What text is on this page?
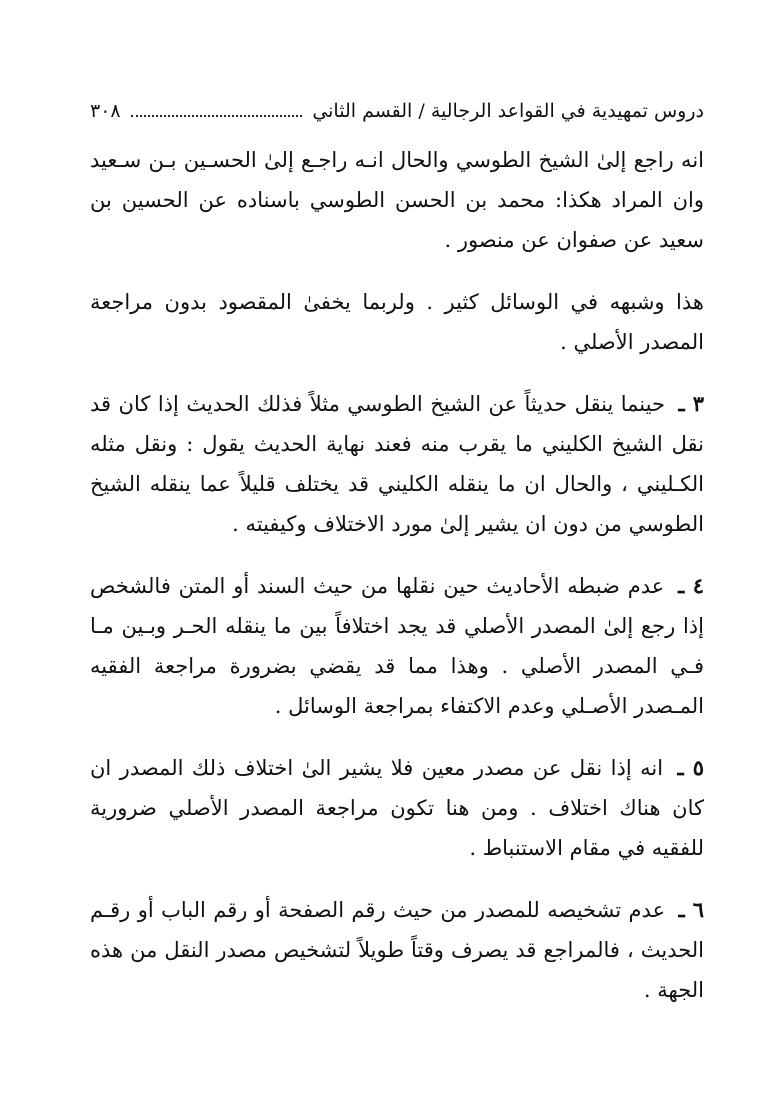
دروس تمهيدية في القواعد الرجالية / القسم الثاني
٣٠٨

انه راجع إلىٰ الشيخ الطوسي والحال انـه راجـع إلىٰ الحسـين بـن سـعيد وان المراد هكذا: محمد بن الحسن الطوسي باسناده عن الحسين بن سعيد عن صفوان عن منصور .

هذا وشبهه في الوسائل كثير . ولربما يخفىٰ المقصود بدون مراجعة المصدر الأصلي .

٣ ـ حينما ينقل حديثاً عن الشيخ الطوسي مثلاً فذلك الحديث إذا كان قد نقل الشيخ الكليني ما يقرب منه فعند نهاية الحديث يقول : ونقل مثله الكـليني ، والحال ان ما ينقله الكليني قد يختلف قليلاً عما ينقله الشيخ الطوسي من دون ان يشير إلىٰ مورد الاختلاف وكيفيته .

٤ ـ عدم ضبطه الأحاديث حين نقلها من حيث السند أو المتن فالشخص إذا رجع إلىٰ المصدر الأصلي قد يجد اختلافاً بين ما ينقله الحـر وبـين مـا فـي المصدر الأصلي . وهذا مما قد يقضي بضرورة مراجعة الفقيه المـصدر الأصـلي وعدم الاكتفاء بمراجعة الوسائل .

٥ ـ انه إذا نقل عن مصدر معين فلا يشير الىٰ اختلاف ذلك المصدر ان كان هناك اختلاف . ومن هنا تكون مراجعة المصدر الأصلي ضرورية للفقيه في مقام الاستنباط .

٦ ـ عدم تشخيصه للمصدر من حيث رقم الصفحة أو رقم الباب أو رقـم الحديث ، فالمراجع قد يصرف وقتاً طويلاً لتشخيص مصدر النقل من هذه الجهة .
